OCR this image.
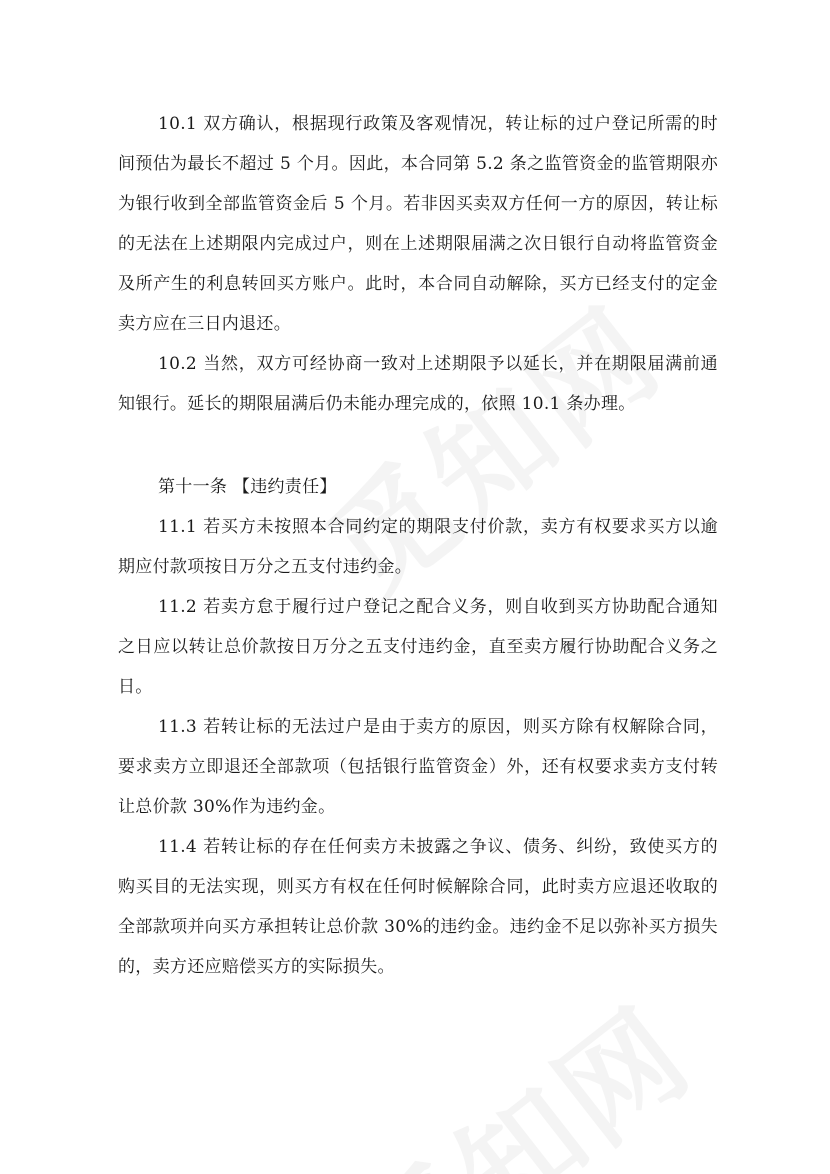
10.1 双方确认，根据现行政策及客观情况，转让标的过户登记所需的时间预估为最长不超过 5 个月。因此，本合同第 5.2 条之监管资金的监管期限亦为银行收到全部监管资金后 5 个月。若非因买卖双方任何一方的原因，转让标的无法在上述期限内完成过户，则在上述期限届满之次日银行自动将监管资金及所产生的利息转回买方账户。此时，本合同自动解除，买方已经支付的定金卖方应在三日内退还。

10.2 当然，双方可经协商一致对上述期限予以延长，并在期限届满前通知银行。延长的期限届满后仍未能办理完成的，依照 10.1 条办理。

第十一条 【违约责任】

11.1 若买方未按照本合同约定的期限支付价款，卖方有权要求买方以逾期应付款项按日万分之五支付违约金。

11.2 若卖方怠于履行过户登记之配合义务，则自收到买方协助配合通知之日应以转让总价款按日万分之五支付违约金，直至卖方履行协助配合义务之日。

11.3 若转让标的无法过户是由于卖方的原因，则买方除有权解除合同，要求卖方立即退还全部款项（包括银行监管资金）外，还有权要求卖方支付转让总价款 30%作为违约金。

11.4 若转让标的存在任何卖方未披露之争议、债务、纠纷，致使买方的购买目的无法实现，则买方有权在任何时候解除合同，此时卖方应退还收取的全部款项并向买方承担转让总价款 30%的违约金。违约金不足以弥补买方损失的，卖方还应赔偿买方的实际损失。
